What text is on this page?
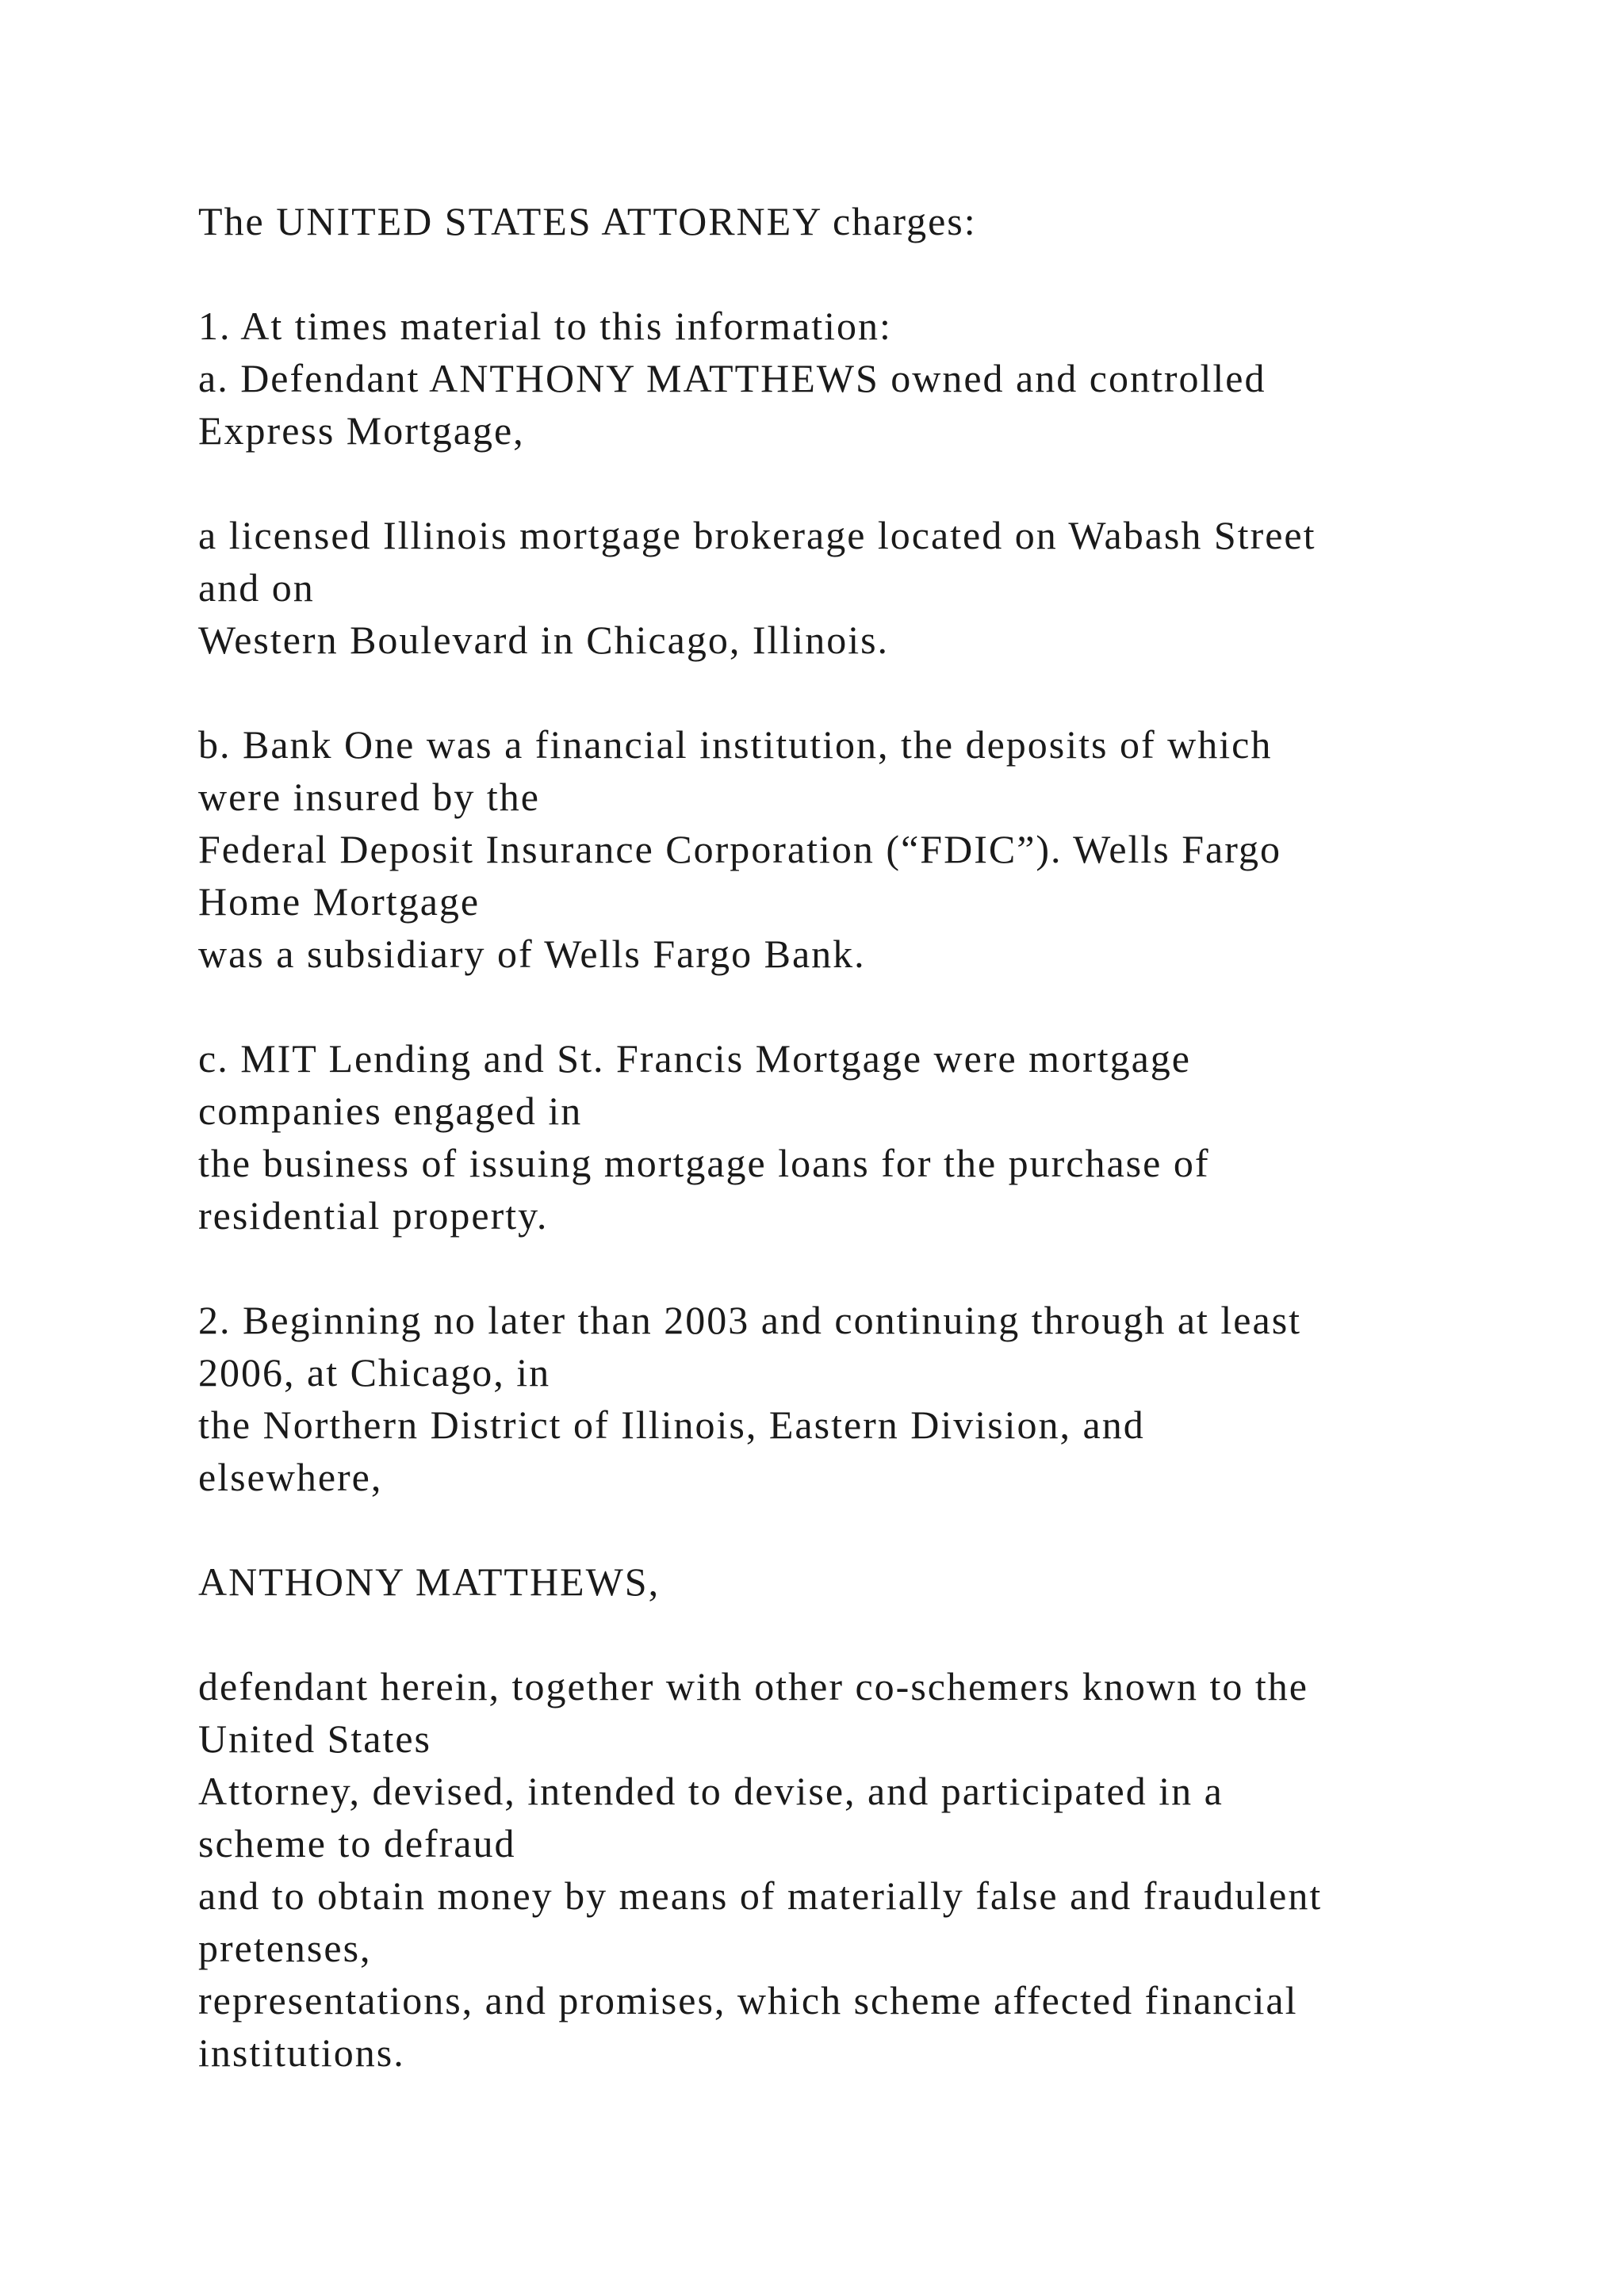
The UNITED STATES ATTORNEY charges:
1. At times material to this information:
a. Defendant ANTHONY MATTHEWS owned and controlled
Express Mortgage,
a licensed Illinois mortgage brokerage located on Wabash Street
and on
Western Boulevard in Chicago, Illinois.
b. Bank One was a financial institution, the deposits of which
were insured by the
Federal Deposit Insurance Corporation (“FDIC”). Wells Fargo
Home Mortgage
was a subsidiary of Wells Fargo Bank.
c. MIT Lending and St. Francis Mortgage were mortgage
companies engaged in
the business of issuing mortgage loans for the purchase of
residential property.
2. Beginning no later than 2003 and continuing through at least
2006, at Chicago, in
the Northern District of Illinois, Eastern Division, and
elsewhere,
ANTHONY MATTHEWS,
defendant herein, together with other co-schemers known to the
United States
Attorney, devised, intended to devise, and participated in a
scheme to defraud
and to obtain money by means of materially false and fraudulent
pretenses,
representations, and promises, which scheme affected financial
institutions.
